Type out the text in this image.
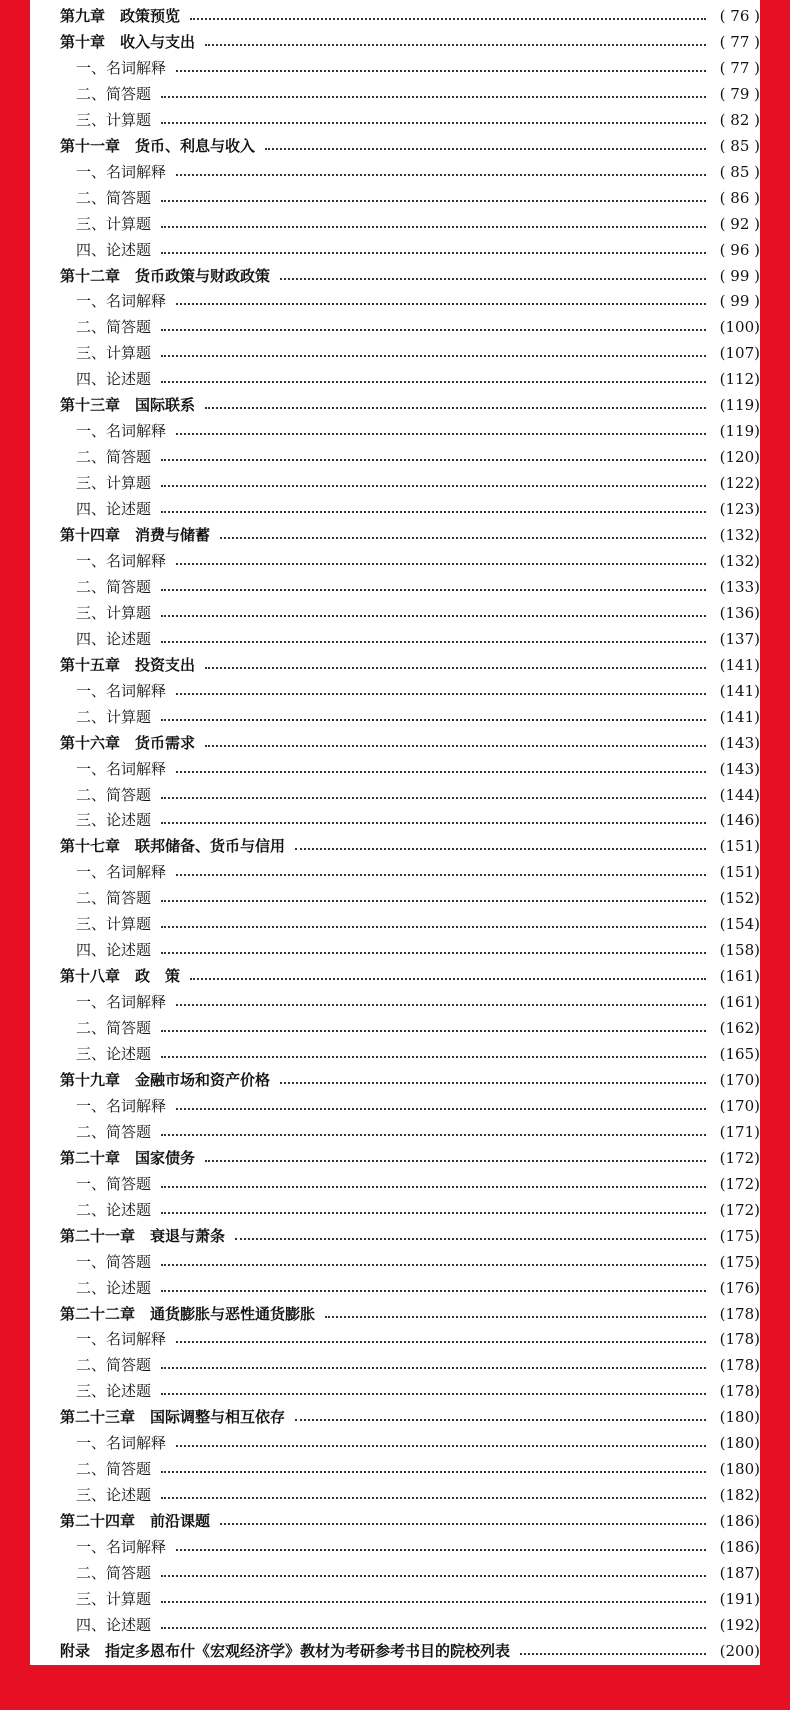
第九章　政策预览	( 76 )
第十章　收入与支出	( 77 )
一、名词解释	( 77 )
二、简答题	( 79 )
三、计算题	( 82 )
第十一章　货币、利息与收入	( 85 )
一、名词解释	( 85 )
二、简答题	( 86 )
三、计算题	( 92 )
四、论述题	( 96 )
第十二章　货币政策与财政政策	( 99 )
一、名词解释	( 99 )
二、简答题	(100)
三、计算题	(107)
四、论述题	(112)
第十三章　国际联系	(119)
一、名词解释	(119)
二、简答题	(120)
三、计算题	(122)
四、论述题	(123)
第十四章　消费与储蓄	(132)
一、名词解释	(132)
二、简答题	(133)
三、计算题	(136)
四、论述题	(137)
第十五章　投资支出	(141)
一、名词解释	(141)
二、计算题	(141)
第十六章　货币需求	(143)
一、名词解释	(143)
二、简答题	(144)
三、论述题	(146)
第十七章　联邦储备、货币与信用	(151)
一、名词解释	(151)
二、简答题	(152)
三、计算题	(154)
四、论述题	(158)
第十八章　政　策	(161)
一、名词解释	(161)
二、简答题	(162)
三、论述题	(165)
第十九章　金融市场和资产价格	(170)
一、名词解释	(170)
二、简答题	(171)
第二十章　国家债务	(172)
一、简答题	(172)
二、论述题	(172)
第二十一章　衰退与萧条	(175)
一、简答题	(175)
二、论述题	(176)
第二十二章　通货膨胀与恶性通货膨胀	(178)
一、名词解释	(178)
二、简答题	(178)
三、论述题	(178)
第二十三章　国际调整与相互依存	(180)
一、名词解释	(180)
二、简答题	(180)
三、论述题	(182)
第二十四章　前沿课题	(186)
一、名词解释	(186)
二、简答题	(187)
三、计算题	(191)
四、论述题	(192)
附录　指定多恩布什《宏观经济学》教材为考研参考书目的院校列表	(200)
